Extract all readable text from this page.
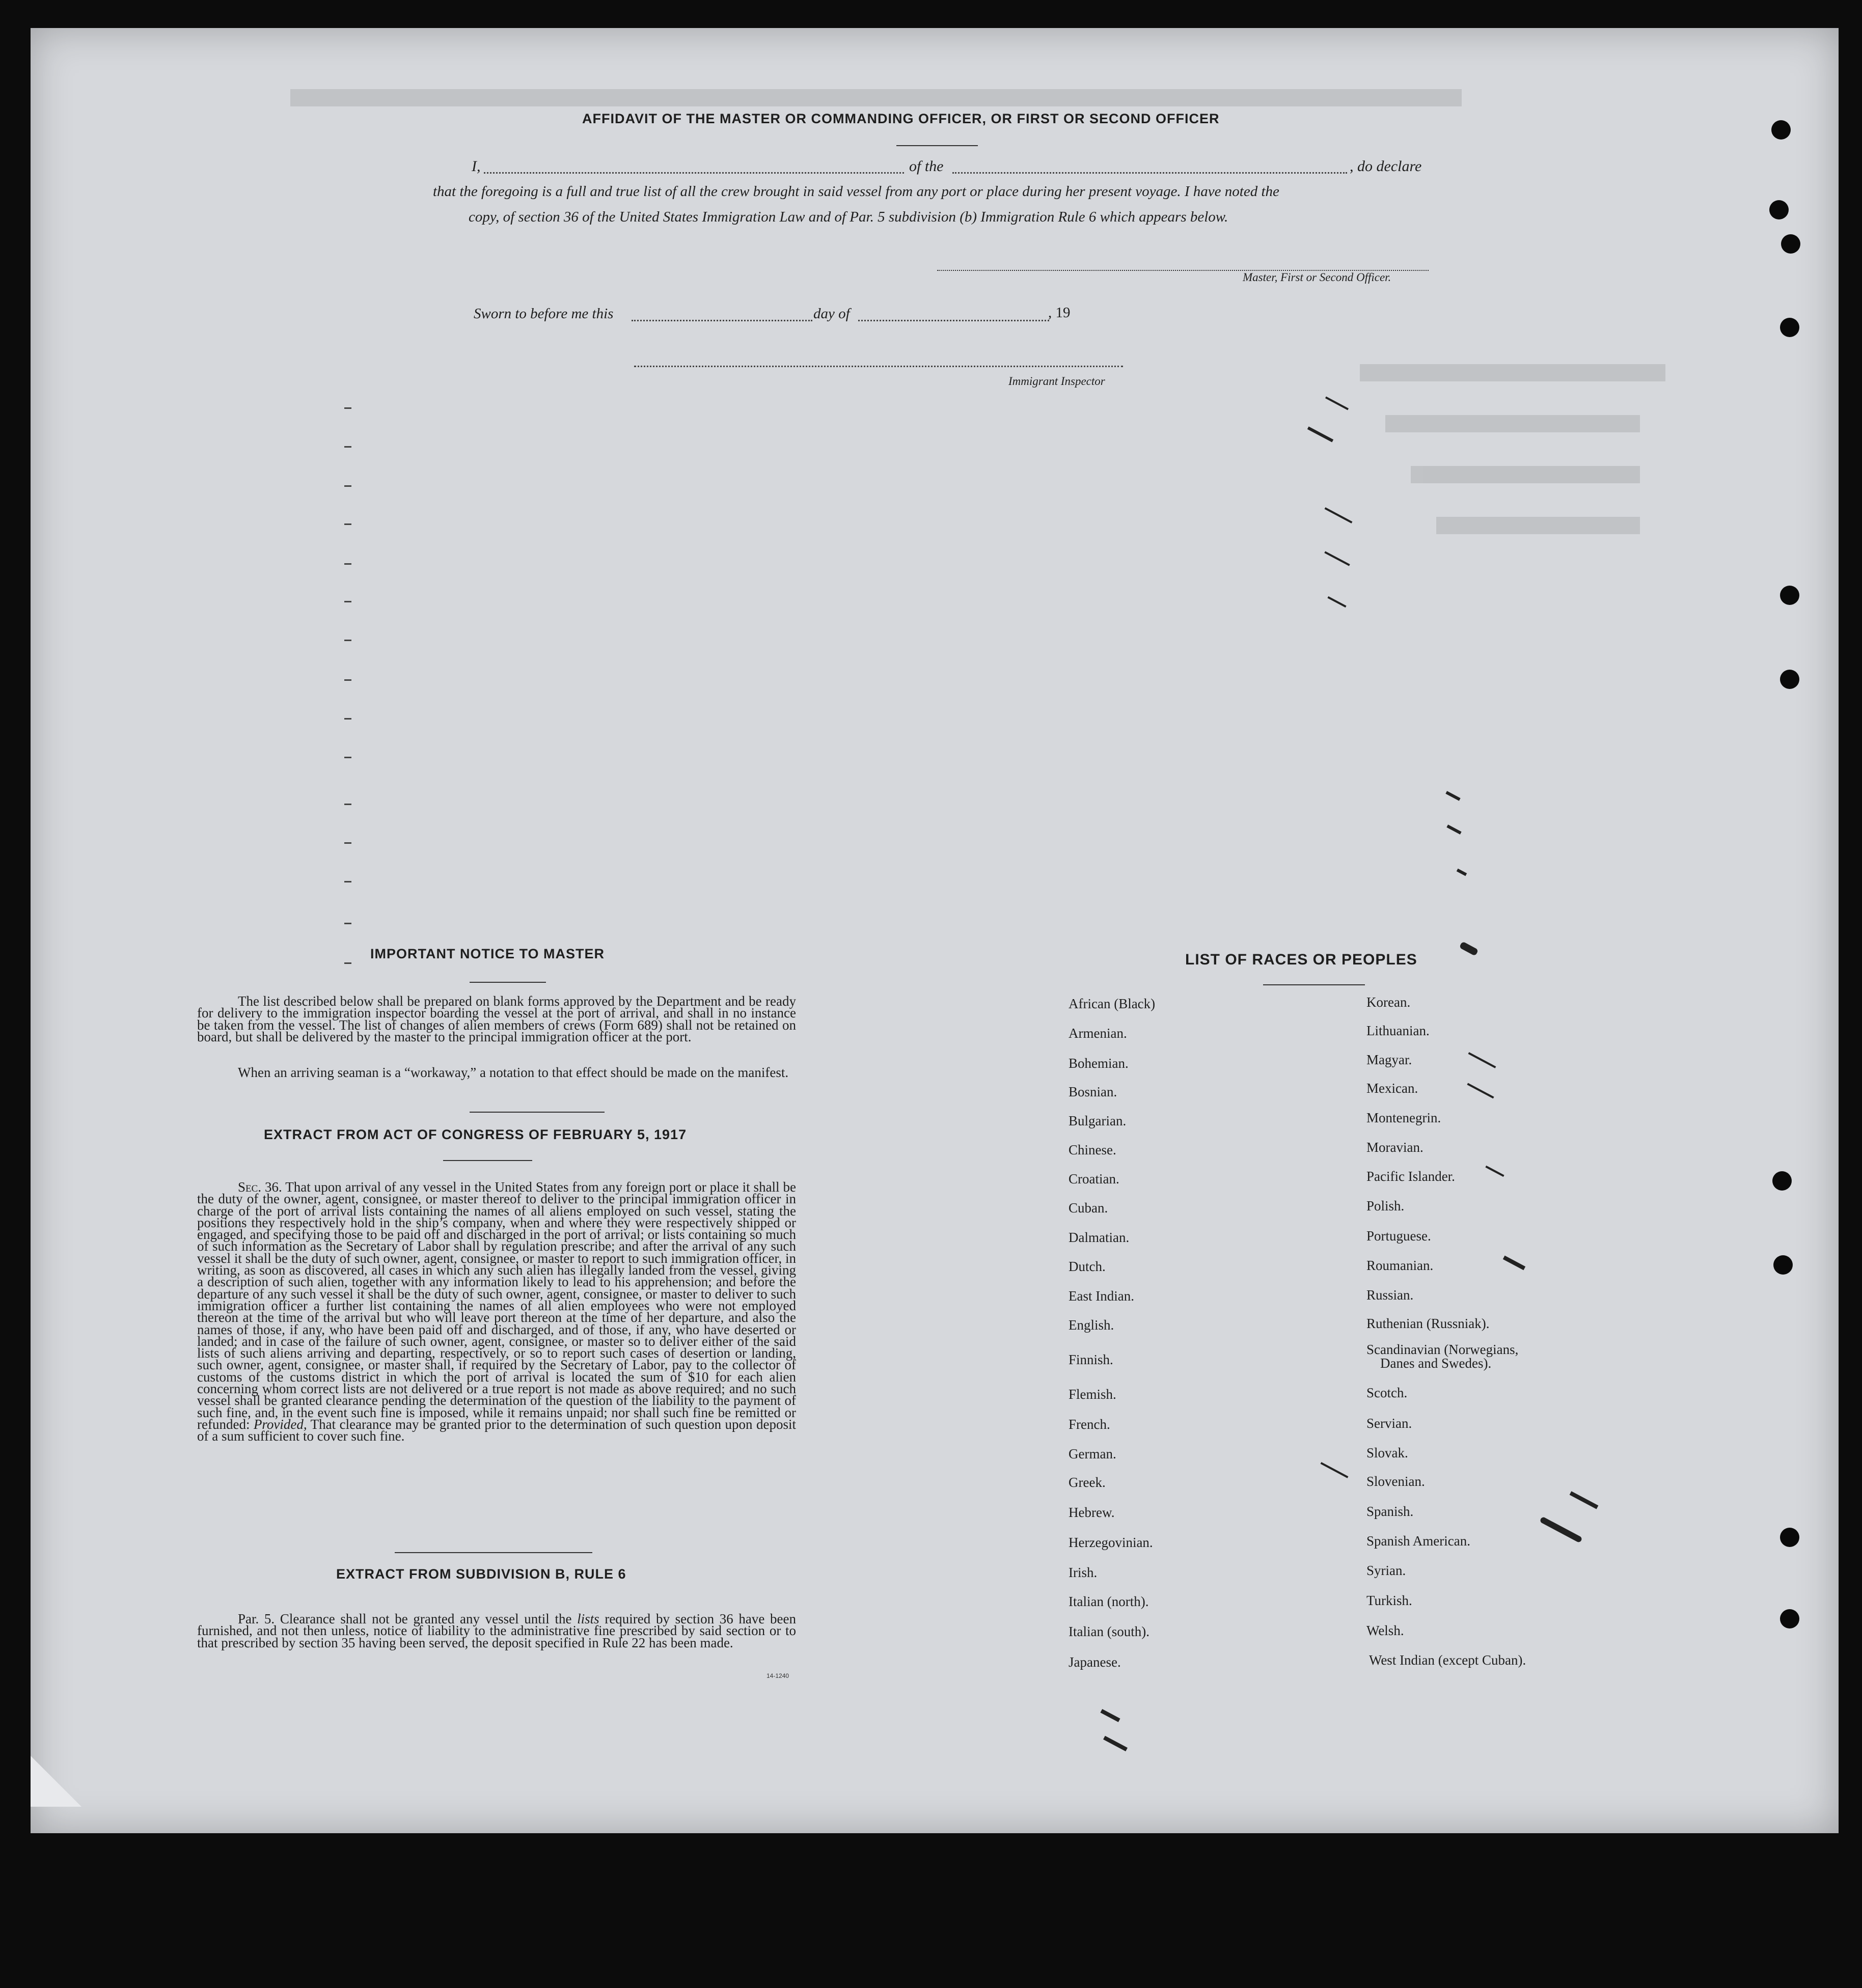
AFFIDAVIT OF THE MASTER OR COMMANDING OFFICER, OR FIRST OR SECOND OFFICER
I,	of the	, do declare
that the foregoing is a full and true list of all the crew brought in said vessel from any port or place during her present voyage. I have noted the
copy, of section 36 of the United States Immigration Law and of Par. 5 subdivision (b) Immigration Rule 6 which appears below.
Master, First or Second Officer.
Sworn to before me this	day of	, 19
Immigrant Inspector
IMPORTANT NOTICE TO MASTER
The list described below shall be prepared on blank forms approved by the Department and be ready for delivery to the immigration inspector boarding the vessel at the port of arrival, and shall in no instance be taken from the vessel. The list of changes of alien members of crews (Form 689) shall not be retained on board, but shall be delivered by the master to the principal immigration officer at the port.
When an arriving seaman is a “workaway,” a notation to that effect should be made on the manifest.
EXTRACT FROM ACT OF CONGRESS OF FEBRUARY 5, 1917
Sec. 36. That upon arrival of any vessel in the United States from any foreign port or place it shall be the duty of the owner, agent, consignee, or master thereof to deliver to the principal immigration officer in charge of the port of arrival lists containing the names of all aliens employed on such vessel, stating the positions they respectively hold in the ship’s company, when and where they were respectively shipped or engaged, and specifying those to be paid off and discharged in the port of arrival; or lists containing so much of such information as the Secretary of Labor shall by regulation prescribe; and after the arrival of any such vessel it shall be the duty of such owner, agent, consignee, or master to report to such immigration officer, in writing, as soon as discovered, all cases in which any such alien has illegally landed from the vessel, giving a description of such alien, together with any information likely to lead to his apprehension; and before the departure of any such vessel it shall be the duty of such owner, agent, consignee, or master to deliver to such immigration officer a further list containing the names of all alien employees who were not employed thereon at the time of the arrival but who will leave port thereon at the time of her departure, and also the names of those, if any, who have been paid off and discharged, and of those, if any, who have deserted or landed; and in case of the failure of such owner, agent, consignee, or master so to deliver either of the said lists of such aliens arriving and departing, respectively, or so to report such cases of desertion or landing, such owner, agent, consignee, or master shall, if required by the Secretary of Labor, pay to the collector of customs of the customs district in which the port of arrival is located the sum of $10 for each alien concerning whom correct lists are not delivered or a true report is not made as above required; and no such vessel shall be granted clearance pending the determination of the question of the liability to the payment of such fine, and, in the event such fine is imposed, while it remains unpaid; nor shall such fine be remitted or refunded: Provided, That clearance may be granted prior to the determination of such question upon deposit of a sum sufficient to cover such fine.
EXTRACT FROM SUBDIVISION B, RULE 6
Par. 5. Clearance shall not be granted any vessel until the lists required by section 36 have been furnished, and not then unless, notice of liability to the administrative fine prescribed by said section or to that prescribed by section 35 having been served, the deposit specified in Rule 22 has been made.
14-1240
LIST OF RACES OR PEOPLES
African (Black)
Armenian.
Bohemian.
Bosnian.
Bulgarian.
Chinese.
Croatian.
Cuban.
Dalmatian.
Dutch.
East Indian.
English.
Finnish.
Flemish.
French.
German.
Greek.
Hebrew.
Herzegovinian.
Irish.
Italian (north).
Italian (south).
Japanese.
Korean.
Lithuanian.
Magyar.
Mexican.
Montenegrin.
Moravian.
Pacific Islander.
Polish.
Portuguese.
Roumanian.
Russian.
Ruthenian (Russniak).
Scandinavian (Norwegians,
Danes and Swedes).
Scotch.
Servian.
Slovak.
Slovenian.
Spanish.
Spanish American.
Syrian.
Turkish.
Welsh.
West Indian (except Cuban).
